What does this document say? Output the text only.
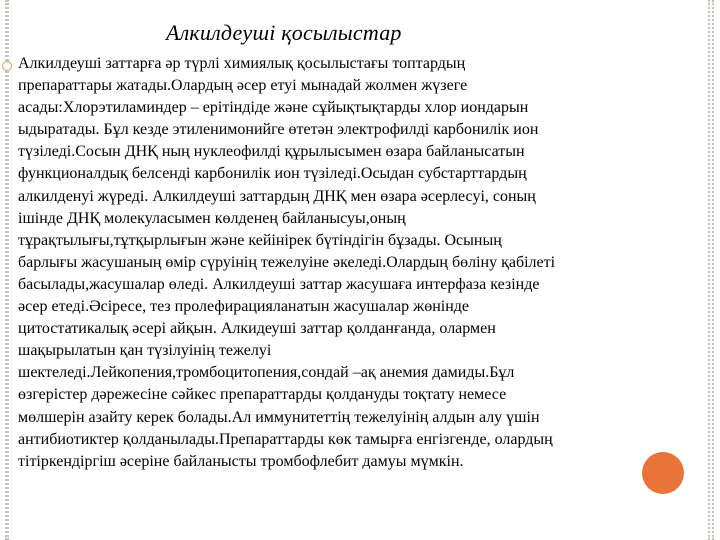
Алкилдеуші қосылыстар
Алкилдеуші заттарға әр түрлі химиялық қосылыстағы топтардың
препараттары жатады.Олардың әсер етуі мынадай жолмен жүзеге
асады:Хлорэтиламиндер – ерітіндіде және сұйықтықтарды хлор иондарын
ыдыратады. Бұл кезде этиленимонийге өтетән электрофилді карбонилік ион
түзіледі.Сосын ДНҚ ның нуклеофилді құрылысымен өзара байланысатын
функционалдық белсенді карбонилік ион түзіледі.Осыдан субстарттардың
алкилденуі жүреді. Алкилдеуші заттардың ДНҚ мен өзара әсерлесуі, соның
ішінде ДНҚ молекуласымен көлденең байланысуы,оның
тұрақтылығы,тұтқырлығын және кейінірек бүтіндігін бұзады. Осының
барлығы жасушаның өмір сүруінің тежелуіне әкеледі.Олардың бөліну қабілеті
басылады,жасушалар өледі. Алкилдеуші заттар жасушаға интерфаза кезінде
әсер етеді.Әсіресе, тез пролефирацияланатын жасушалар жөнінде
цитостатикалық әсері айқын. Алкидеуші заттар қолданғанда, олармен
шақырылатын қан түзілуінің тежелуі
шектеледі.Лейкопения,тромбоцитопения,сондай –ақ анемия дамиды.Бұл
өзгерістер дәрежесіне сәйкес препараттарды қолдануды тоқтату немесе
мөлшерін азайту керек болады.Ал иммунитеттің тежелуінің алдын алу үшін
антибиотиктер қолданылады.Препараттарды көк тамырға енгізгенде, олардың
тітіркендіргіш әсеріне байланысты тромбофлебит дамуы мүмкін.
